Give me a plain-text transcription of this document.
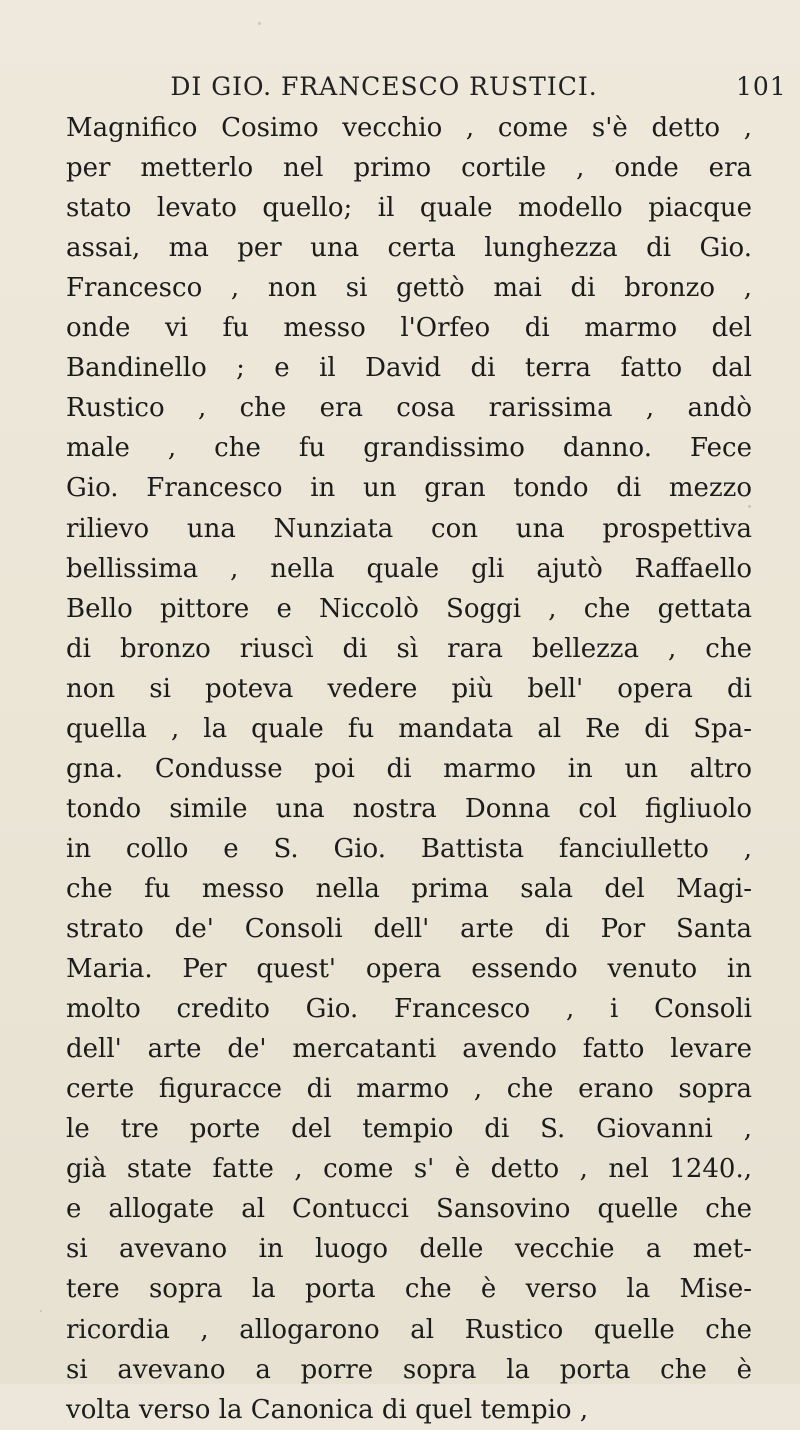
DI GIO. FRANCESCO RUSTICI.	101
Magnifico Cosimo vecchio , come s'è detto ,
per metterlo nel primo cortile , onde era
stato levato quello; il quale modello piacque
assai, ma per una certa lunghezza di Gio.
Francesco , non si gettò mai di bronzo ,
onde vi fu messo l'Orfeo di marmo del
Bandinello ; e il David di terra fatto dal
Rustico , che era cosa rarissima , andò
male , che fu grandissimo danno. Fece
Gio. Francesco in un gran tondo di mezzo
rilievo una Nunziata con una prospettiva
bellissima , nella quale gli ajutò Raffaello
Bello pittore e Niccolò Soggi , che gettata
di bronzo riuscì di sì rara bellezza , che
non si poteva vedere più bell' opera di
quella , la quale fu mandata al Re di Spa-
gna. Condusse poi di marmo in un altro
tondo simile una nostra Donna col figliuolo
in collo e S. Gio. Battista fanciulletto ,
che fu messo nella prima sala del Magi-
strato de' Consoli dell' arte di Por Santa
Maria. Per quest' opera essendo venuto in
molto credito Gio. Francesco , i Consoli
dell' arte de' mercatanti avendo fatto levare
certe figuracce di marmo , che erano sopra
le tre porte del tempio di S. Giovanni ,
già state fatte , come s' è detto , nel 1240.,
e allogate al Contucci Sansovino quelle che
si avevano in luogo delle vecchie a met-
tere sopra la porta che è verso la Mise-
ricordia , allogarono al Rustico quelle che
si avevano a porre sopra la porta che è
volta verso la Canonica di quel tempio ,
